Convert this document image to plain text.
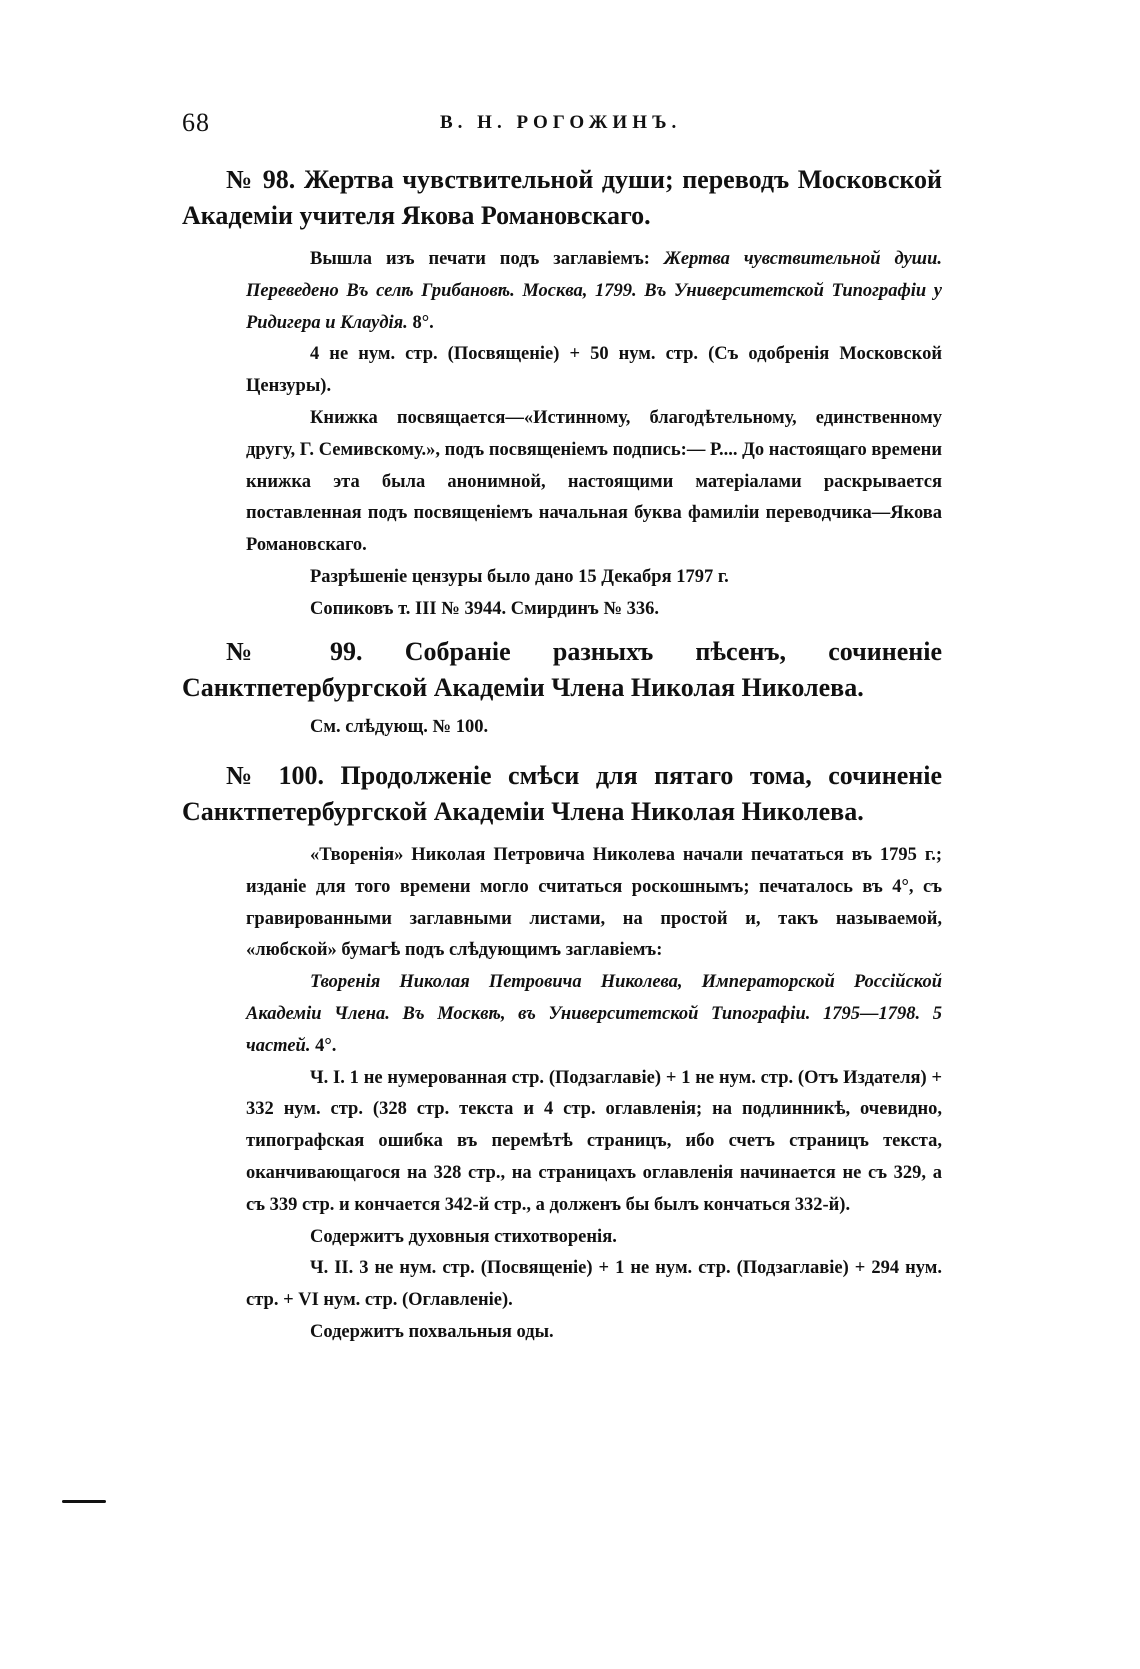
68	В. Н. РОГОЖИНЪ.

№ 98. Жертва чувствительной души; переводъ Московской Академіи учителя Якова Романовскаго.

Вышла изъ печати подъ заглавіемъ: Жертва чувствительной души. Переведено Въ селѣ Грибановѣ. Москва, 1799. Въ Университетской Типографіи у Ридигера и Клаудія. 8°.

4 не нум. стр. (Посвященіе) + 50 нум. стр. (Съ одобренія Московской Цензуры).

Книжка посвящается—«Истинному, благодѣтельному, единственному другу, Г. Семивскому.», подъ посвященіемъ подпись:— Р.... До настоящаго времени книжка эта была анонимной, настоящими матеріалами раскрывается поставленная подъ посвященіемъ начальная буква фамиліи переводчика—Якова Романовскаго.

Разрѣшеніе цензуры было дано 15 Декабря 1797 г.

Сопиковъ т. III № 3944. Смирдинъ № 336.

№ 99. Собраніе разныхъ пѣсенъ, сочиненіе Санктпетербургской Академіи Члена Николая Николева.

См. слѣдующ. № 100.

№ 100. Продолженіе смѣси для пятаго тома, сочиненіе Санктпетербургской Академіи Члена Николая Николева.

«Творенія» Николая Петровича Николева начали печататься въ 1795 г.; изданіе для того времени могло считаться роскошнымъ; печаталось въ 4°, съ гравированными заглавными листами, на простой и, такъ называемой, «любской» бумагѣ подъ слѣдующимъ заглавіемъ:

Творенія Николая Петровича Николева, Императорской Россійской Академіи Члена. Въ Москвѣ, въ Университетской Типографіи. 1795—1798. 5 частей. 4°.

Ч. I. 1 не нумерованная стр. (Подзаглавіе) + 1 не нум. стр. (Отъ Издателя) + 332 нум. стр. (328 стр. текста и 4 стр. оглавленія; на подлинникѣ, очевидно, типографская ошибка въ перемѣтѣ страницъ, ибо счетъ страницъ текста, оканчивающагося на 328 стр., на страницахъ оглавленія начинается не съ 329, а съ 339 стр. и кончается 342-й стр., а долженъ бы былъ кончаться 332-й).

Содержитъ духовныя стихотворенія.

Ч. II. 3 не нум. стр. (Посвященіе) + 1 не нум. стр. (Подзаглавіе) + 294 нум. стр. + VI нум. стр. (Оглавленіе).

Содержитъ похвальныя оды.
